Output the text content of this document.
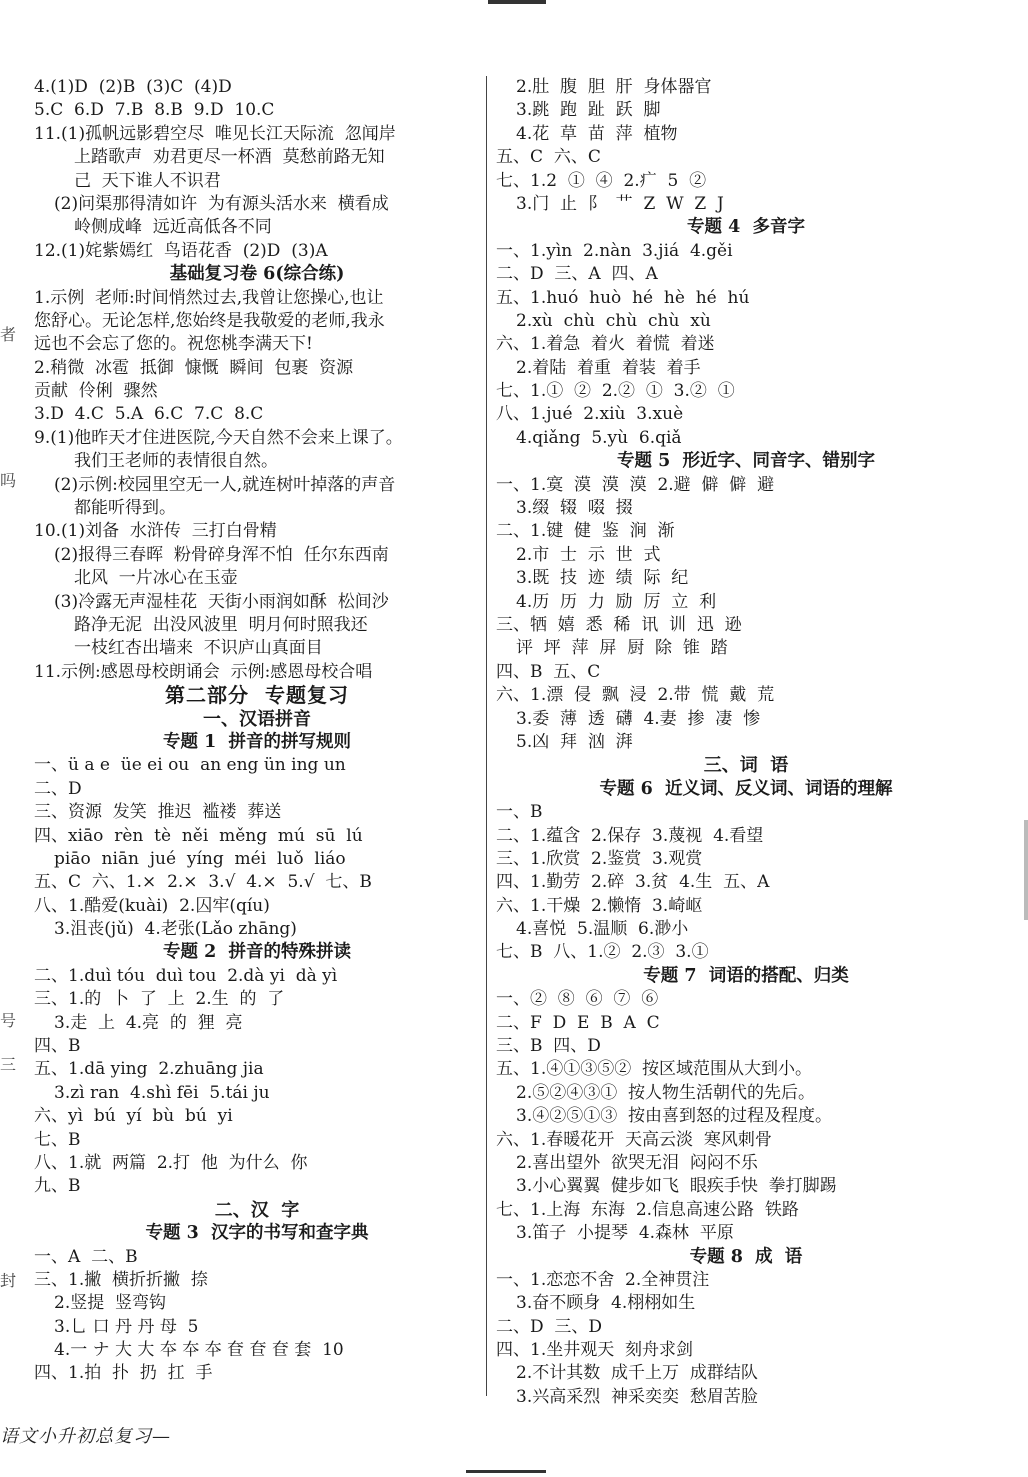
者
吗
号
三
封
4.(1)D  (2)B  (3)C  (4)D
5.C  6.D  7.B  8.B  9.D  10.C
11.(1)孤帆远影碧空尽  唯见长江天际流  忽闻岸
上踏歌声  劝君更尽一杯酒  莫愁前路无知
己  天下谁人不识君
(2)问渠那得清如许  为有源头活水来  横看成
岭侧成峰  远近高低各不同
12.(1)姹紫嫣红  鸟语花香  (2)D  (3)A
基础复习卷 6(综合练)
1.示例  老师:时间悄然过去,我曾让您操心,也让
您舒心。无论怎样,您始终是我敬爱的老师,我永
远也不会忘了您的。祝您桃李满天下!
2.稍微  冰雹  抵御  慷慨  瞬间  包裹  资源
贡献  伶俐  骤然
3.D  4.C  5.A  6.C  7.C  8.C
9.(1)他昨天才住进医院,今天自然不会来上课了。
我们王老师的表情很自然。
(2)示例:校园里空无一人,就连树叶掉落的声音
都能听得到。
10.(1)刘备  水浒传  三打白骨精
(2)报得三春晖  粉骨碎身浑不怕  任尔东西南
北风  一片冰心在玉壶
(3)冷露无声湿桂花  天街小雨润如酥  松间沙
路净无泥  出没风波里  明月何时照我还
一枝红杏出墙来  不识庐山真面目
11.示例:感恩母校朗诵会  示例:感恩母校合唱
第二部分  专题复习
一、汉语拼音
专题 1  拼音的拼写规则
一、ü a e  üe ei ou  an eng ün ing un
二、D
三、资源  发笑  推迟  褴褛  葬送
四、xiāo  rèn  tè  něi  měng  mú  sū  lú
piāo  niān  jué  yíng  méi  luǒ  liáo
五、C  六、1.×  2.×  3.√  4.×  5.√  七、B
八、1.酷爱(kuài)  2.囚牢(qíu)
3.沮丧(jǔ)  4.老张(Lǎo zhāng)
专题 2  拼音的特殊拼读
二、1.duì tóu  duì tou  2.dà yi  dà yì
三、1.的  卜  了  上  2.生  的  了
3.走  上  4.亮  的  狸  亮
四、B
五、1.dā ying  2.zhuāng jia
3.zì ran  4.shì fēi  5.tái ju
六、yì  bú  yí  bù  bú  yi
七、B
八、1.就  两篇  2.打  他  为什么  你
九、B
二、汉  字
专题 3  汉字的书写和查字典
一、A  二、B
三、1.撇  横折折撇  捺
2.竖提  竖弯钩
3.乚 口 丹 丹 母  5
4.一 ナ 大 大 夲 夲 夲 奆 奆 奆 套  10
四、1.拍  扑  扔  扛  手
2.肚  腹  胆  肝  身体器官
3.跳  跑  趾  跃  脚
4.花  草  苗  萍  植物
五、C  六、C
七、1.2  ①  ④  2.疒  5  ②
3.门  止  阝  艹  Z  W  Z  J
专题 4  多音字
一、1.yìn  2.nàn  3.jiá  4.gěi
二、D  三、A  四、A
五、1.huó  huò  hé  hè  hé  hú
2.xù  chù  chù  chù  xù
六、1.着急  着火  着慌  着迷
2.着陆  着重  着装  着手
七、1.①  ②  2.②  ①  3.②  ①
八、1.jué  2.xiù  3.xuè
4.qiǎng  5.yù  6.qiǎ
专题 5  形近字、同音字、错别字
一、1.寞  漠  漠  漠  2.避  僻  僻  避
3.缀  辍  啜  掇
二、1.键  健  鉴  涧  渐
2.市  士  示  世  式
3.既  技  迹  绩  际  纪
4.历  历  力  励  厉  立  利
三、牺  嬉  悉  稀  讯  训  迅  逊
评  坪  萍  屏  厨  除  锥  踏
四、B  五、C
六、1.漂  侵  飘  浸  2.带  慌  戴  荒
3.委  薄  透  礴  4.妻  掺  凄  惨
5.凶  拜  汹  湃
三、词  语
专题 6  近义词、反义词、词语的理解
一、B
二、1.蕴含  2.保存  3.蔑视  4.看望
三、1.欣赏  2.鉴赏  3.观赏
四、1.勤劳  2.碎  3.贫  4.生  五、A
六、1.干燥  2.懒惰  3.崎岖
4.喜悦  5.温顺  6.渺小
七、B  八、1.②  2.③  3.①
专题 7  词语的搭配、归类
一、②  ⑧  ⑥  ⑦  ⑥
二、F  D  E  B  A  C
三、B  四、D
五、1.④①③⑤②  按区域范围从大到小。
2.⑤②④③①  按人物生活朝代的先后。
3.④②⑤①③  按由喜到怒的过程及程度。
六、1.春暖花开  天高云淡  寒风刺骨
2.喜出望外  欲哭无泪  闷闷不乐
3.小心翼翼  健步如飞  眼疾手快  拳打脚踢
七、1.上海  东海  2.信息高速公路  铁路
3.笛子  小提琴  4.森林  平原
专题 8  成  语
一、1.恋恋不舍  2.全神贯注
3.奋不顾身  4.栩栩如生
二、D  三、D
四、1.坐井观天  刻舟求剑
2.不计其数  成千上万  成群结队
3.兴高采烈  神采奕奕  愁眉苦脸
语文小升初总复习—
